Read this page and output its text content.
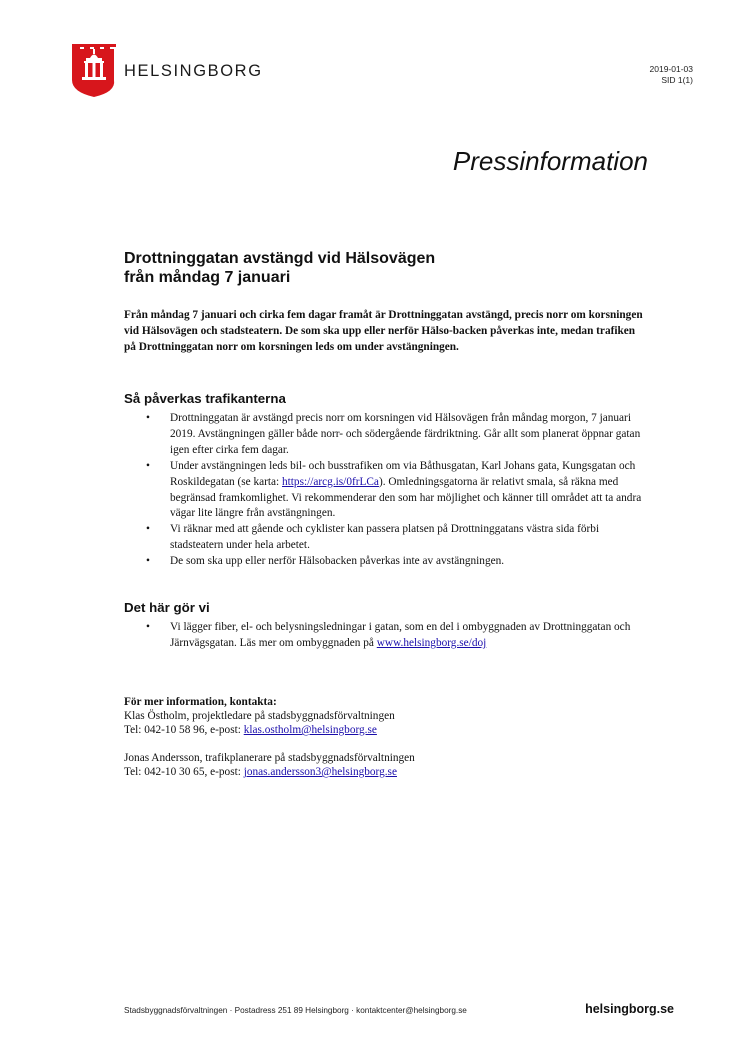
HELSINGBORG	2019-01-03
SID 1(1)
Pressinformation
Drottninggatan avstängd vid Hälsovägen
från måndag 7 januari
Från måndag 7 januari och cirka fem dagar framåt är Drottninggatan avstängd, precis norr om korsningen vid Hälsovägen och stadsteatern. De som ska upp eller nerför Hälso-backen påverkas inte, medan trafiken på Drottninggatan norr om korsningen leds om under avstängningen.
Så påverkas trafikanterna
• Drottninggatan är avstängd precis norr om korsningen vid Hälsovägen från måndag morgon, 7 januari 2019. Avstängningen gäller både norr- och södergående färdriktning. Går allt som planerat öppnar gatan igen efter cirka fem dagar.
• Under avstängningen leds bil- och busstrafiken om via Båthusgatan, Karl Johans gata, Kungsgatan och Roskildegatan (se karta: https://arcg.is/0frLCa). Omledningsgatorna är relativt smala, så räkna med begränsad framkomlighet. Vi rekommenderar den som har möjlighet och känner till området att ta andra vägar lite längre från avstängningen.
• Vi räknar med att gående och cyklister kan passera platsen på Drottninggatans västra sida förbi stadsteatern under hela arbetet.
• De som ska upp eller nerför Hälsobacken påverkas inte av avstängningen.
Det här gör vi
• Vi lägger fiber, el- och belysningsledningar i gatan, som en del i ombyggnaden av Drottninggatan och Järnvägsgatan. Läs mer om ombyggnaden på www.helsingborg.se/doj
För mer information, kontakta:
Klas Östholm, projektledare på stadsbyggnadsförvaltningen
Tel: 042-10 58 96, e-post: klas.ostholm@helsingborg.se
Jonas Andersson, trafikplanerare på stadsbyggnadsförvaltningen
Tel: 042-10 30 65, e-post: jonas.andersson3@helsingborg.se
Stadsbyggnadsförvaltningen · Postadress 251 89 Helsingborg · kontaktcenter@helsingborg.se	helsingborg.se
